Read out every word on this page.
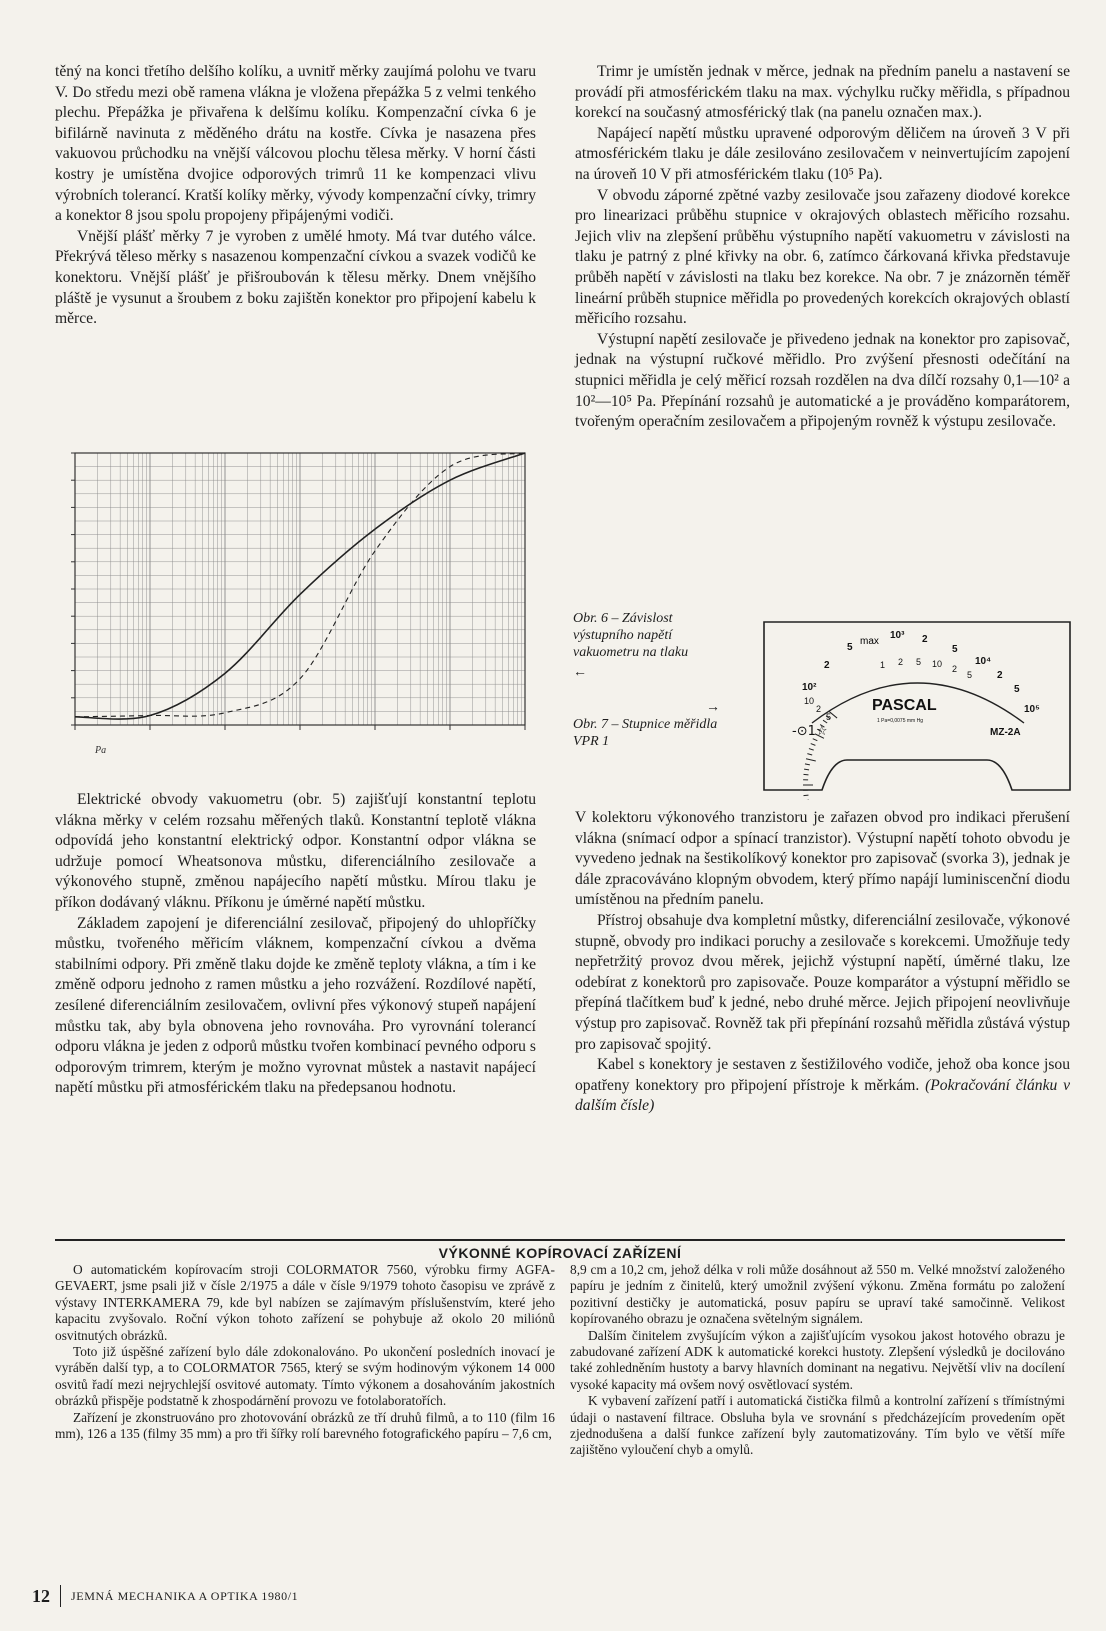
těný na konci třetího delšího kolíku, a uvnitř měrky zaujímá polohu ve tvaru V. Do středu mezi obě ramena vlákna je vložena přepážka 5 z velmi tenkého plechu. Přepážka je přivařena k delšímu kolíku. Kompenzační cívka 6 je bifilárně navinuta z měděného drátu na kostře. Cívka je nasazena přes vakuovou průchodku na vnější válcovou plochu tělesa měrky. V horní části kostry je umístěna dvojice odporových trimrů 11 ke kompenzaci vlivu výrobních tolerancí. Kratší kolíky měrky, vývody kompenzační cívky, trimry a konektor 8 jsou spolu propojeny připájenými vodiči.

Vnější plášť měrky 7 je vyroben z umělé hmoty. Má tvar dutého válce. Překrývá těleso měrky s nasazenou kompenzační cívkou a svazek vodičů ke konektoru. Vnější plášť je přišroubován k tělesu měrky. Dnem vnějšího pláště je vysunut a šroubem z boku zajištěn konektor pro připojení kabelu k měrce.

Pa

Elektrické obvody vakuometru (obr. 5) zajišťují konstantní teplotu vlákna měrky v celém rozsahu měřených tlaků. Konstantní teplotě vlákna odpovídá jeho konstantní elektrický odpor. Konstantní odpor vlákna se udržuje pomocí Wheatsonova můstku, diferenciálního zesilovače a výkonového stupně, změnou napájecího napětí můstku. Mírou tlaku je příkon dodávaný vláknu. Příkonu je úměrné napětí můstku.

Základem zapojení je diferenciální zesilovač, připojený do uhlopříčky můstku, tvořeného měřicím vláknem, kompenzační cívkou a dvěma stabilními odpory. Při změně tlaku dojde ke změně teploty vlákna, a tím i ke změně odporu jednoho z ramen můstku a jeho rozvážení. Rozdílové napětí, zesílené diferenciálním zesilovačem, ovlivní přes výkonový stupeň napájení můstku tak, aby byla obnovena jeho rovnováha. Pro vyrovnání tolerancí odporu vlákna je jeden z odporů můstku tvořen kombinací pevného odporu s odporovým trimrem, kterým je možno vyrovnat můstek a nastavit napájecí napětí můstku při atmosférickém tlaku na předepsanou hodnotu.

Trimr je umístěn jednak v měrce, jednak na předním panelu a nastavení se provádí při atmosférickém tlaku na max. výchylku ručky měřidla, s případnou korekcí na současný atmosférický tlak (na panelu označen max.).

Napájecí napětí můstku upravené odporovým děličem na úroveň 3 V při atmosférickém tlaku je dále zesilováno zesilovačem v neinvertujícím zapojení na úroveň 10 V při atmosférickém tlaku (10⁵ Pa).

V obvodu záporné zpětné vazby zesilovače jsou zařazeny diodové korekce pro linearizaci průběhu stupnice v okrajových oblastech měřicího rozsahu. Jejich vliv na zlepšení průběhu výstupního napětí vakuometru v závislosti na tlaku je patrný z plné křivky na obr. 6, zatímco čárkovaná křivka představuje průběh napětí v závislosti na tlaku bez korekce. Na obr. 7 je znázorněn téměř lineární průběh stupnice měřidla po provedených korekcích okrajových oblastí měřicího rozsahu.

Výstupní napětí zesilovače je přivedeno jednak na konektor pro zapisovač, jednak na výstupní ručkové měřidlo. Pro zvýšení přesnosti odečítání na stupnici měřidla je celý měřicí rozsah rozdělen na dva dílčí rozsahy 0,1—10² a 10²—10⁵ Pa. Přepínání rozsahů je automatické a je prováděno komparátorem, tvořeným operačním zesilovačem a připojeným rovněž k výstupu zesilovače.

Obr. 6 – Závislost výstupního napětí vakuometru na tlaku
←
→
Obr. 7 – Stupnice měřidla VPR 1
max
10²
2
5
10³ 2
5
10⁴
2
5
10⁵
10
2
5
1 2 5 10 2
5
PASCAL
1 Pa=0,0075 mm Hg
-⊙1☆	MZ-2A

V kolektoru výkonového tranzistoru je zařazen obvod pro indikaci přerušení vlákna (snímací odpor a spínací tranzistor). Výstupní napětí tohoto obvodu je vyvedeno jednak na šestikolíkový konektor pro zapisovač (svorka 3), jednak je dále zpracováváno klopným obvodem, který přímo napájí luminiscenční diodu umístěnou na předním panelu.

Přístroj obsahuje dva kompletní můstky, diferenciální zesilovače, výkonové stupně, obvody pro indikaci poruchy a zesilovače s korekcemi. Umožňuje tedy nepřetržitý provoz dvou měrek, jejichž výstupní napětí, úměrné tlaku, lze odebírat z konektorů pro zapisovače. Pouze komparátor a výstupní měřidlo se přepíná tlačítkem buď k jedné, nebo druhé měrce. Jejich připojení neovlivňuje výstup pro zapisovač. Rovněž tak při přepínání rozsahů měřidla zůstává výstup pro zapisovač spojitý.

Kabel s konektory je sestaven z šestižilového vodiče, jehož oba konce jsou opatřeny konektory pro připojení přístroje k měrkám. (Pokračování článku v dalším čísle)

VÝKONNÉ KOPÍROVACÍ ZAŘÍZENÍ

O automatickém kopírovacím stroji COLORMATOR 7560, výrobku firmy AGFA-GEVAERT, jsme psali již v čísle 2/1975 a dále v čísle 9/1979 tohoto časopisu ve zprávě z výstavy INTERKAMERA 79, kde byl nabízen se zajímavým příslušenstvím, které jeho kapacitu zvyšovalo. Roční výkon tohoto zařízení se pohybuje až okolo 20 miliónů osvitnutých obrázků.

Toto již úspěšné zařízení bylo dále zdokonalováno. Po ukončení posledních inovací je vyráběn další typ, a to COLORMATOR 7565, který se svým hodinovým výkonem 14 000 osvitů řadí mezi nejrychlejší osvitové automaty. Tímto výkonem a dosahováním jakostních obrázků přispěje podstatně k zhospodárnění provozu ve fotolaboratořích.

Zařízení je zkonstruováno pro zhotovování obrázků ze tří druhů filmů, a to 110 (film 16 mm), 126 a 135 (filmy 35 mm) a pro tři šířky rolí barevného fotografického papíru – 7,6 cm,

8,9 cm a 10,2 cm, jehož délka v roli může dosáhnout až 550 m. Velké množství založeného papíru je jedním z činitelů, který umožnil zvýšení výkonu. Změna formátu po založení pozitivní destičky je automatická, posuv papíru se upraví také samočinně. Velikost kopírovaného obrazu je označena světelným signálem.

Dalším činitelem zvyšujícím výkon a zajišťujícím vysokou jakost hotového obrazu je zabudované zařízení ADK k automatické korekci hustoty. Zlepšení výsledků je docilováno také zohledněním hustoty a barvy hlavních dominant na negativu. Největší vliv na docílení vysoké kapacity má ovšem nový osvětlovací systém.

K vybavení zařízení patří i automatická čistička filmů a kontrolní zařízení s třímístnými údaji o nastavení filtrace. Obsluha byla ve srovnání s předcházejícím provedením opět zjednodušena a další funkce zařízení byly zautomatizovány. Tím bylo ve větší míře zajištěno vyloučení chyb a omylů.

12 JEMNÁ MECHANIKA A OPTIKA 1980/1
